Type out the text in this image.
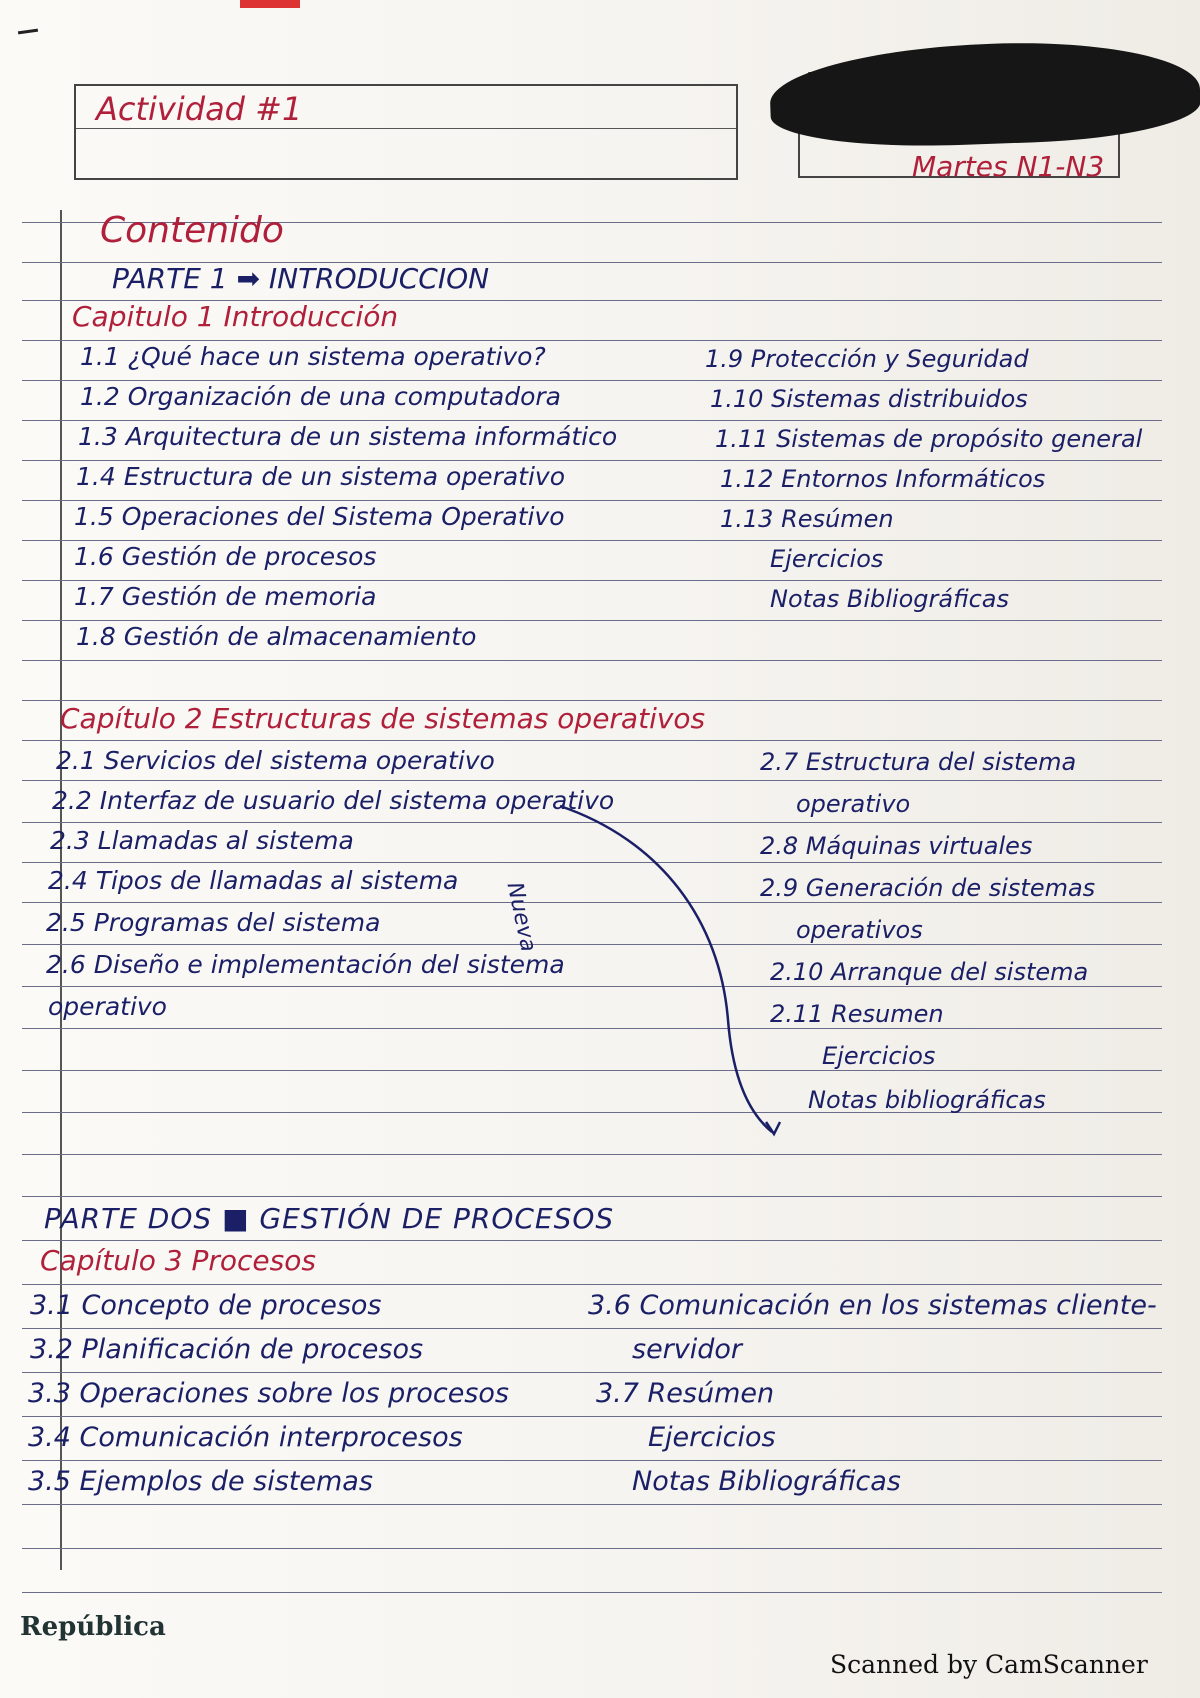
Actividad #1
Martes N1-N3
Contenido
PARTE 1 ➡ INTRODUCCION
Capitulo 1 Introducción
1.1 ¿Qué hace un sistema operativo?
1.2 Organización de una computadora
1.3 Arquitectura de un sistema informático
1.4 Estructura de un sistema operativo
1.5 Operaciones del Sistema Operativo
1.6 Gestión de procesos
1.7 Gestión de memoria
1.8 Gestión de almacenamiento
1.9 Protección y Seguridad
1.10 Sistemas distribuidos
1.11 Sistemas de propósito general
1.12 Entornos Informáticos
1.13 Resúmen
Ejercicios
Notas Bibliográficas
Capítulo 2 Estructuras de sistemas operativos
2.1 Servicios del sistema operativo
2.2 Interfaz de usuario del sistema operativo
2.3 Llamadas al sistema
2.4 Tipos de llamadas al sistema
2.5 Programas del sistema
2.6 Diseño e implementación del sistema
operativo
2.7 Estructura del sistema
operativo
2.8 Máquinas virtuales
2.9 Generación de sistemas
operativos
2.10 Arranque del sistema
2.11 Resumen
Ejercicios
Notas bibliográficas
Nueva
PARTE DOS ■ GESTIÓN DE PROCESOS
Capítulo 3 Procesos
3.1 Concepto de procesos
3.2 Planificación de procesos
3.3 Operaciones sobre los procesos
3.4 Comunicación interprocesos
3.5 Ejemplos de sistemas
3.6 Comunicación en los sistemas cliente-
servidor
3.7 Resúmen
Ejercicios
Notas Bibliográficas
República
Scanned by CamScanner
